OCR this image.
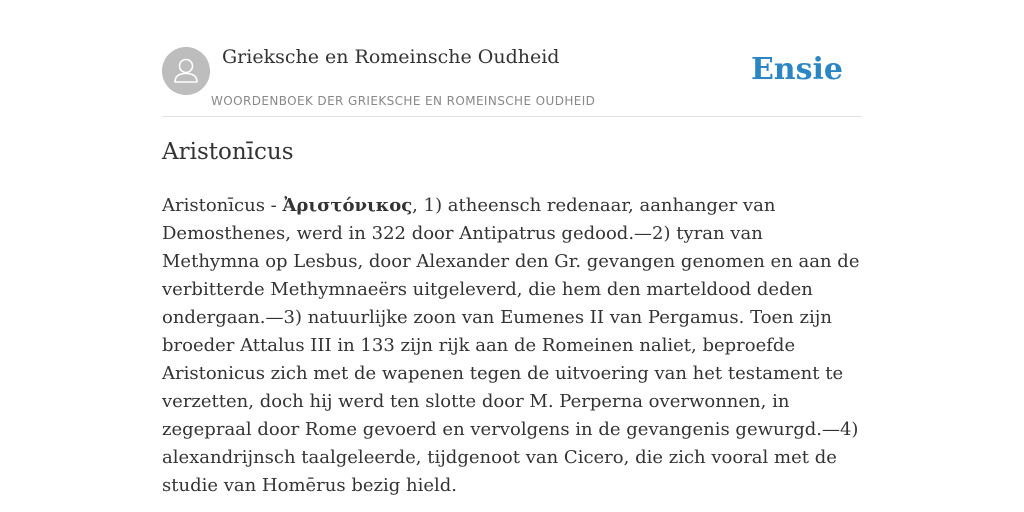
Grieksche en Romeinsche Oudheid
WOORDENBOEK DER GRIEKSCHE EN ROMEINSCHE OUDHEID
Ensie
Aristonīcus

Aristonīcus - Ἀριστόνικος, 1) atheensch redenaar, aanhanger van Demosthenes, werd in 322 door Antipatrus gedood.—2) tyran van Methymna op Lesbus, door Alexander den Gr. gevangen genomen en aan de verbitterde Methymnaeërs uitgeleverd, die hem den marteldood deden ondergaan.—3) natuurlijke zoon van Eumenes II van Pergamus. Toen zijn broeder Attalus III in 133 zijn rijk aan de Romeinen naliet, beproefde Aristonicus zich met de wapenen tegen de uitvoering van het testament te verzetten, doch hij werd ten slotte door M. Perperna overwonnen, in zegepraal door Rome gevoerd en vervolgens in de gevangenis gewurgd.—4) alexandrijnsch taalgeleerde, tijdgenoot van Cicero, die zich vooral met de studie van Homērus bezig hield.
